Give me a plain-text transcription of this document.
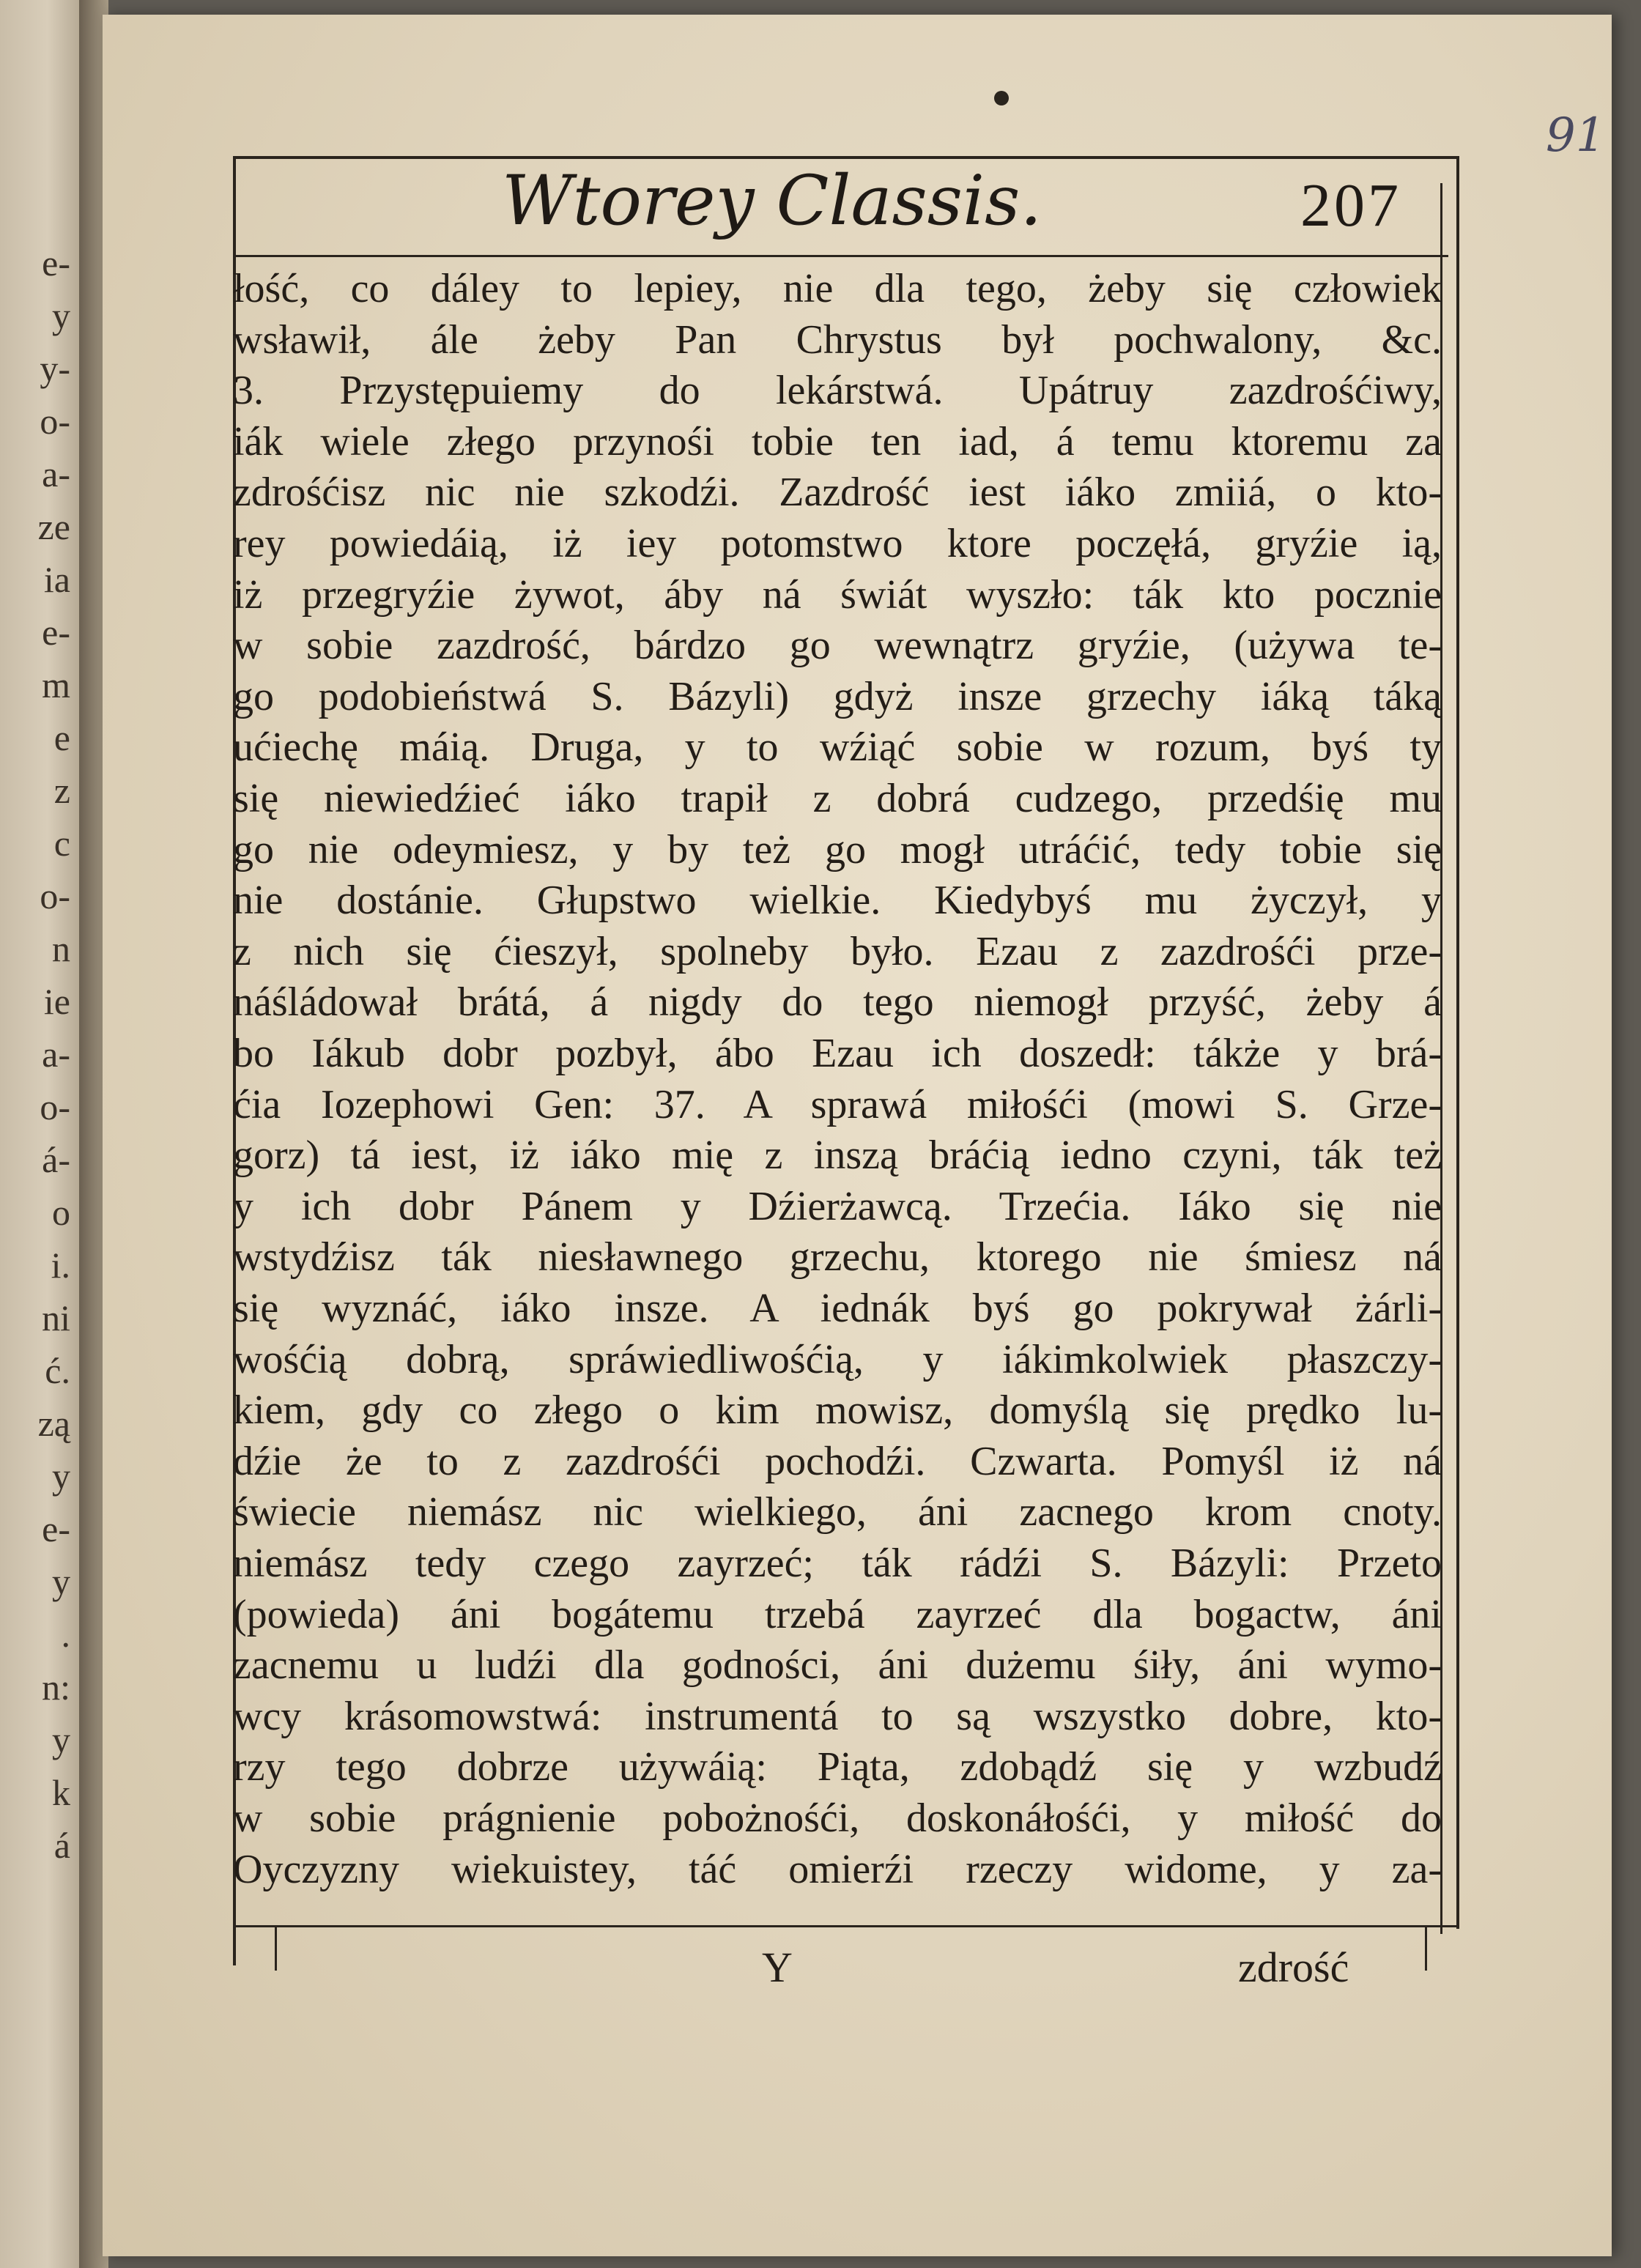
e-
y
y-
o-
a-
ze
ia
e-
m
e
z
c
o-
n
ie
a-
o-
á-
o
i.
ni
ć.
zą
y
e-
y
.
n:
y
k
á
91
Wtorey Classis.	207
łość, co dáley to lepiey, nie dla tego, żeby się człowiek
wsławił, ále żeby Pan Chrystus był pochwalony, &c.
3. Przystępuiemy do lekárstwá. Upátruy zazdrośćiwy,
iák wiele złego przynośi tobie ten iad, á temu ktoremu za
zdrośćisz nic nie szkodźi. Zazdrość iest iáko zmiiá, o kto-
rey powiedáią, iż iey potomstwo ktore poczęłá, gryźie ią,
iż przegryźie żywot, áby ná świát wyszło: ták kto pocznie
w sobie zazdrość, bárdzo go wewnątrz gryźie, (używa te-
go podobieństwá S. Bázyli) gdyż insze grzechy iáką táką
ućiechę máią. Druga, y to wźiąć sobie w rozum, byś ty
się niewiedźieć iáko trapił z dobrá cudzego, przedśię mu
go nie odeymiesz, y by też go mogł utráćić, tedy tobie się
nie dostánie. Głupstwo wielkie. Kiedybyś mu życzył, y
z nich się ćieszył, spolneby było. Ezau z zazdrośći prze-
náśládował brátá, á nigdy do tego niemogł przyść, żeby á
bo Iákub dobr pozbył, ábo Ezau ich doszedł: tákże y brá-
ćia Iozephowi Gen: 37. A sprawá miłośći (mowi S. Grze-
gorz) tá iest, iż iáko mię z inszą bráćią iedno czyni, ták też
y ich dobr Pánem y Dźierżawcą. Trzećia. Iáko się nie
wstydźisz ták niesławnego grzechu, ktorego nie śmiesz ná
się wyznáć, iáko insze. A iednák byś go pokrywał żárli-
wośćią dobrą, spráwiedliwośćią, y iákimkolwiek płaszczy-
kiem, gdy co złego o kim mowisz, domyślą się prędko lu-
dźie że to z zazdrośći pochodźi. Czwarta. Pomyśl iż ná
świecie niemász nic wielkiego, áni zacnego krom cnoty.
niemász tedy czego zayrzeć; ták rádźi S. Bázyli: Przeto
(powieda) áni bogátemu trzebá zayrzeć dla bogactw, áni
zacnemu u ludźi dla godności, áni dużemu śiły, áni wymo-
wcy krásomowstwá: instrumentá to są wszystko dobre, kto-
rzy tego dobrze używáią: Piąta, zdobądź się y wzbudź
w sobie prágnienie pobożnośći, doskonáłośći, y miłość do
Oyczyzny wiekuistey, táć omierźi rzeczy widome, y za-
Y	zdrość
